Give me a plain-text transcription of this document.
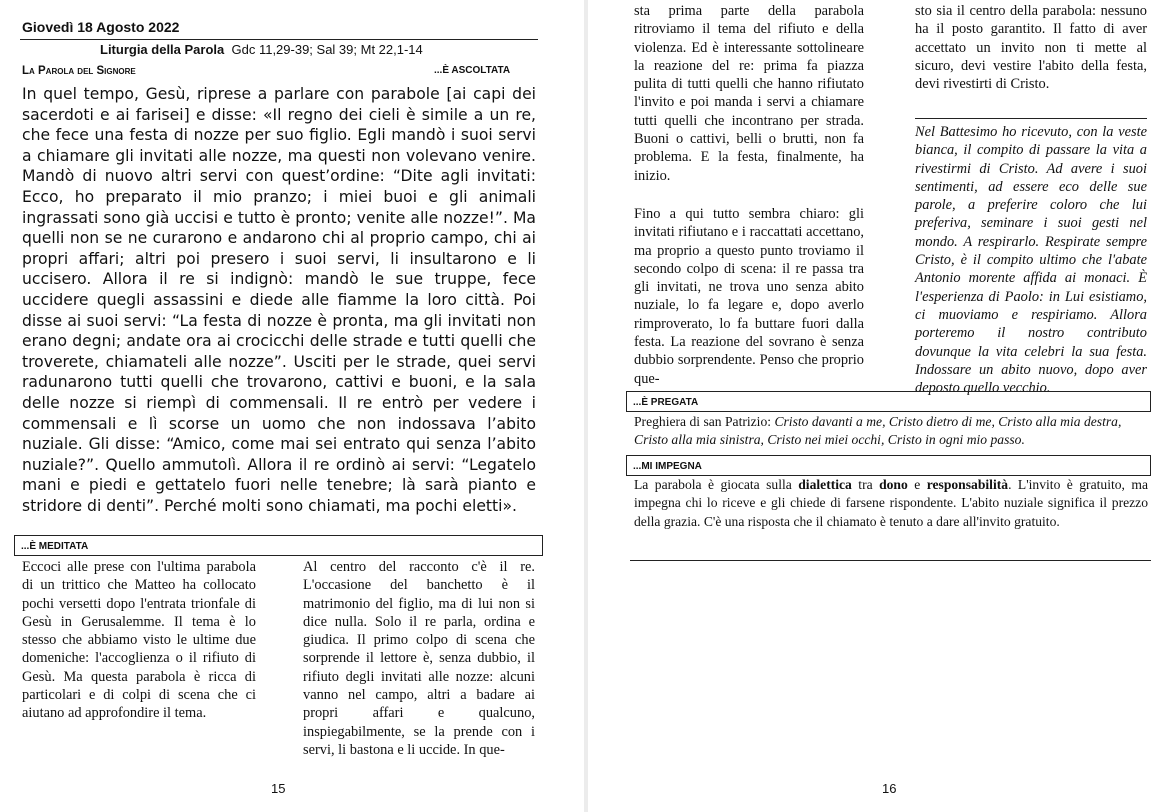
Giovedì 18 Agosto 2022
Liturgia della Parola Gdc 11,29-39; Sal 39; Mt 22,1-14
La Parola del Signore	...È ASCOLTATA
In quel tempo, Gesù, riprese a parlare con parabole [ai capi dei sacerdoti e ai farisei] e disse: «Il regno dei cieli è simile a un re, che fece una festa di nozze per suo figlio. Egli mandò i suoi servi a chiamare gli invitati alle nozze, ma questi non volevano venire. Mandò di nuovo altri servi con quest’ordine: “Dite agli invitati: Ecco, ho preparato il mio pranzo; i miei buoi e gli animali ingrassati sono già uccisi e tutto è pronto; venite alle nozze!”. Ma quelli non se ne curarono e andarono chi al proprio campo, chi ai propri affari; altri poi presero i suoi servi, li insultarono e li uccisero. Allora il re si indignò: mandò le sue truppe, fece uccidere quegli assassini e diede alle fiamme la loro città. Poi disse ai suoi servi: “La festa di nozze è pronta, ma gli invitati non erano degni; andate ora ai crocicchi delle strade e tutti quelli che troverete, chiamateli alle nozze”. Usciti per le strade, quei servi radunarono tutti quelli che trovarono, cattivi e buoni, e la sala delle nozze si riempì di commensali. Il re entrò per vedere i commensali e lì scorse un uomo che non indossava l’abito nuziale. Gli disse: “Amico, come mai sei entrato qui senza l’abito nuziale?”. Quello ammutolì. Allora il re ordinò ai servi: “Legatelo mani e piedi e gettatelo fuori nelle tenebre; là sarà pianto e stridore di denti”. Perché molti sono chiamati, ma pochi eletti».
...È MEDITATA
Eccoci alle prese con l'ultima parabola di un trittico che Matteo ha collocato pochi versetti dopo l'entrata trionfale di Gesù in Gerusalemme. Il tema è lo stesso che abbiamo visto le ultime due domeniche: l'accoglienza o il rifiuto di Gesù. Ma questa parabola è ricca di particolari e di colpi di scena che ci aiutano ad approfondire il tema.
Al centro del racconto c'è il re. L'occasione del banchetto è il matrimonio del figlio, ma di lui non si dice nulla. Solo il re parla, ordina e giudica. Il primo colpo di scena che sorprende il lettore è, senza dubbio, il rifiuto degli invitati alle nozze: alcuni vanno nel campo, altri a badare ai propri affari e qualcuno, inspiegabilmente, se la prende con i servi, li bastona e li uccide. In que-
15
sta prima parte della parabola ritroviamo il tema del rifiuto e della violenza. Ed è interessante sottolineare la reazione del re: prima fa piazza pulita di tutti quelli che hanno rifiutato l'invito e poi manda i servi a chiamare tutti quelli che incontrano per strada. Buoni o cattivi, belli o brutti, non fa problema. E la festa, finalmente, ha inizio.
Fino a qui tutto sembra chiaro: gli invitati rifiutano e i raccattati accettano, ma proprio a questo punto troviamo il secondo colpo di scena: il re passa tra gli invitati, ne trova uno senza abito nuziale, lo fa legare e, dopo averlo rimproverato, lo fa buttare fuori dalla festa. La reazione del sovrano è senza dubbio sorprendente. Penso che proprio que-
sto sia il centro della parabola: nessuno ha il posto garantito. Il fatto di aver accettato un invito non ti mette al sicuro, devi vestire l'abito della festa, devi rivestirti di Cristo.
Nel Battesimo ho ricevuto, con la veste bianca, il compito di passare la vita a rivestirmi di Cristo. Ad avere i suoi sentimenti, ad essere eco delle sue parole, a preferire coloro che lui preferiva, seminare i suoi gesti nel mondo. A respirarlo. Respirate sempre Cristo, è il compito ultimo che l'abate Antonio morente affida ai monaci. È l'esperienza di Paolo: in Lui esistiamo, ci muoviamo e respiriamo. Allora porteremo il nostro contributo dovunque la vita celebri la sua festa. Indossare un abito nuovo, dopo aver deposto quello vecchio.
...È PREGATA
Preghiera di san Patrizio: Cristo davanti a me, Cristo dietro di me, Cristo alla mia destra, Cristo alla mia sinistra, Cristo nei miei occhi, Cristo in ogni mio passo.
...MI IMPEGNA
La parabola è giocata sulla dialettica tra dono e responsabilità. L'invito è gratuito, ma impegna chi lo riceve e gli chiede di farsene rispondente. L'abito nuziale significa il prezzo della grazia. C'è una risposta che il chiamato è tenuto a dare all'invito gratuito.
16
